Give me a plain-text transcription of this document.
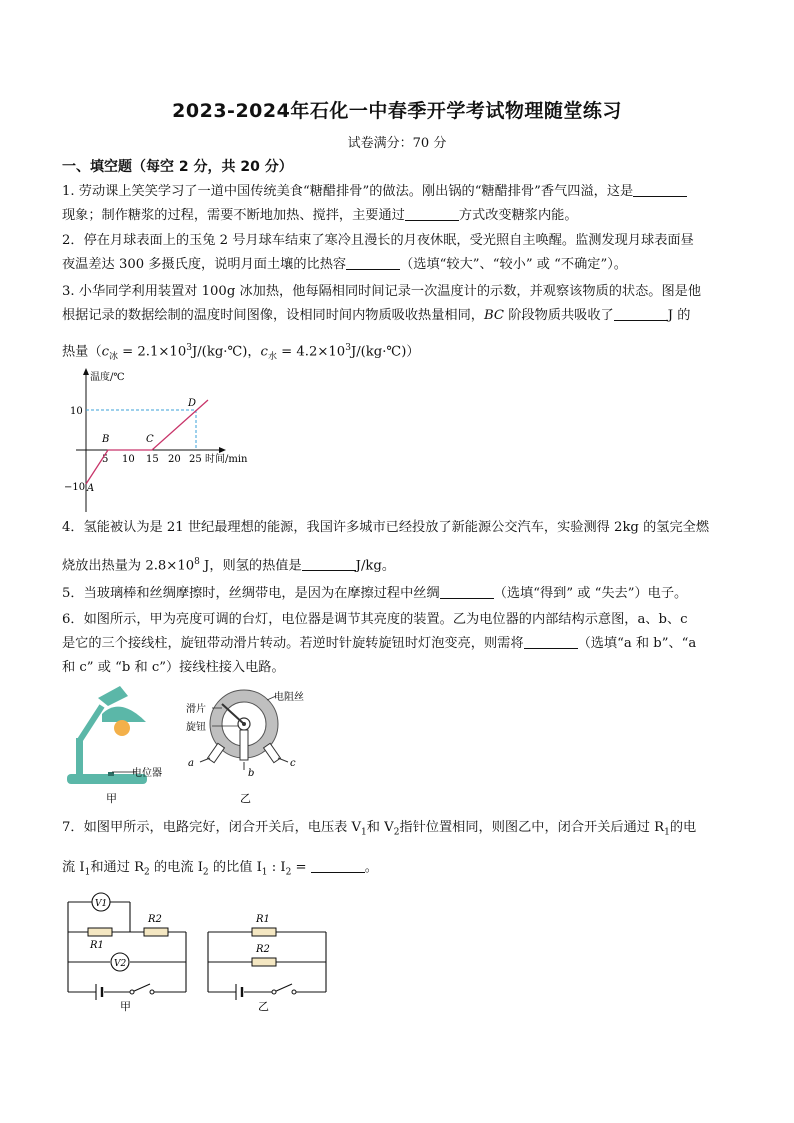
2023-2024年石化一中春季开学考试物理随堂练习
试卷满分：70 分
一、填空题（每空 2 分，共 20 分）
1. 劳动课上笑笑学习了一道中国传统美食“糖醋排骨”的做法。刚出锅的“糖醋排骨”香气四溢，这是
现象；制作糖浆的过程，需要不断地加热、搅拌，主要通过	方式改变糖浆内能。
2．停在月球表面上的玉兔 2 号月球车结束了寒冷且漫长的月夜休眠，受光照自主唤醒。监测发现月球表面昼
夜温差达 300 多摄氏度，说明月面土壤的比热容	（选填“较大”、“较小” 或 “不确定”）。
3. 小华同学利用装置对 100g 冰加热，他每隔相同时间记录一次温度计的示数，并观察该物质的状态。图是他
根据记录的数据绘制的温度时间图像，设相同时间内物质吸收热量相同，BC 阶段物质共吸收了	J 的
热量（$c_冰$ = $2.1\times 10^3J/(kg\cdot℃)$，$c_水$ = $4.2\times 10^3J/(kg\cdot℃)$）
温度/℃
时间/min
10
−10
5 10 15 20 25
A
B	C
D
4．氢能被认为是 21 世纪最理想的能源，我国许多城市已经投放了新能源公交汽车，实验测得 2kg 的氢完全燃
烧放出热量为 $2.8\times 10^8$ J，则氢的热值是	J/kg。
5．当玻璃棒和丝绸摩擦时，丝绸带电，是因为在摩擦过程中丝绸	（选填“得到” 或 “失去”）电子。
6．如图所示，甲为亮度可调的台灯，电位器是调节其亮度的装置。乙为电位器的内部结构示意图，a、b、c
是它的三个接线柱，旋钮带动滑片转动。若逆时针旋转旋钮时灯泡变亮，则需将	（选填“a 和 b”、“a
和 c” 或 “b 和 c”）接线柱接入电路。
电位器
甲
滑片
旋钮
电阻丝
a
b
c
乙
7．如图甲所示，电路完好，闭合开关后，电压表 $V_1$和 $V_2$指针位置相同，则图乙中，闭合开关后通过 $R_1$的电
流 $I_1$和通过 $R_2$ 的电流 $I_2$ 的比值 $I_1$ : $I_2$ =	。
V1
V2
R1
R2
甲
R1
R2
乙
